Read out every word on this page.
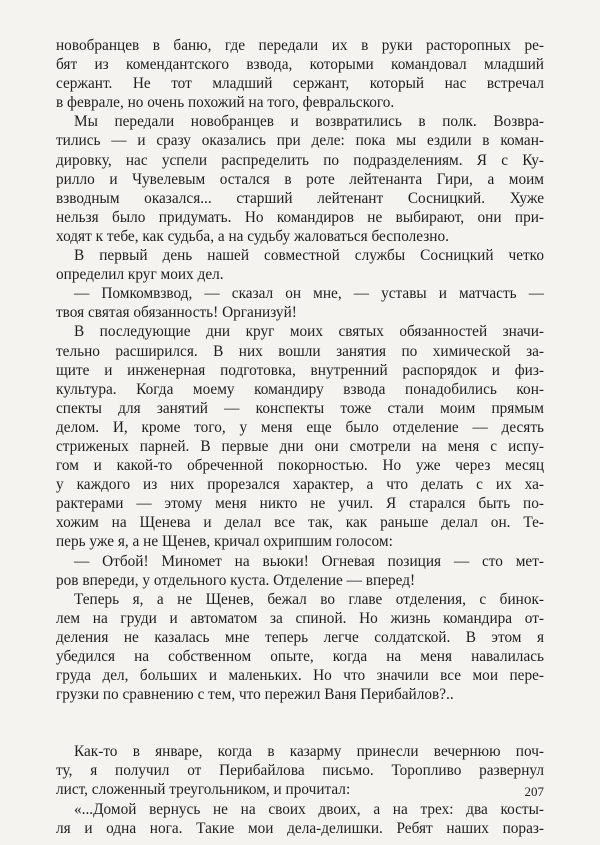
новобранцев в баню, где передали их в руки расторопных ре-
бят из комендантского взвода, которыми командовал младший
сержант. Не тот младший сержант, который нас встречал
в феврале, но очень похожий на того, февральского.
Мы передали новобранцев и возвратились в полк. Возвра-
тились — и сразу оказались при деле: пока мы ездили в коман-
дировку, нас успели распределить по подразделениям. Я с Ку-
рилло и Чувелевым остался в роте лейтенанта Гири, а моим
взводным оказался... старший лейтенант Сосницкий. Хуже
нельзя было придумать. Но командиров не выбирают, они при-
ходят к тебе, как судьба, а на судьбу жаловаться бесполезно.
В первый день нашей совместной службы Сосницкий четко
определил круг моих дел.
— Помкомвзвод, — сказал он мне, — уставы и матчасть —
твоя святая обязанность! Организуй!
В последующие дни круг моих святых обязанностей значи-
тельно расширился. В них вошли занятия по химической за-
щите и инженерная подготовка, внутренний распорядок и физ-
культура. Когда моему командиру взвода понадобились кон-
спекты для занятий — конспекты тоже стали моим прямым
делом. И, кроме того, у меня еще было отделение — десять
стриженых парней. В первые дни они смотрели на меня с испу-
гом и какой-то обреченной покорностью. Но уже через месяц
у каждого из них прорезался характер, а что делать с их ха-
рактерами — этому меня никто не учил. Я старался быть по-
хожим на Щенева и делал все так, как раньше делал он. Те-
перь уже я, а не Щенев, кричал охрипшим голосом:
— Отбой! Миномет на вьюки! Огневая позиция — сто мет-
ров впереди, у отдельного куста. Отделение — вперед!
Теперь я, а не Щенев, бежал во главе отделения, с бинок-
лем на груди и автоматом за спиной. Но жизнь командира от-
деления не казалась мне теперь легче солдатской. В этом я
убедился на собственном опыте, когда на меня навалилась
груда дел, больших и маленьких. Но что значили все мои пере-
грузки по сравнению с тем, что пережил Ваня Перибайлов?..
Как-то в январе, когда в казарму принесли вечернюю поч-
ту, я получил от Перибайлова письмо. Торопливо развернул
лист, сложенный треугольником, и прочитал:
«...Домой вернусь не на своих двоих, а на трех: два косты-
ля и одна нога. Такие мои дела-делишки. Ребят наших пораз-
207
